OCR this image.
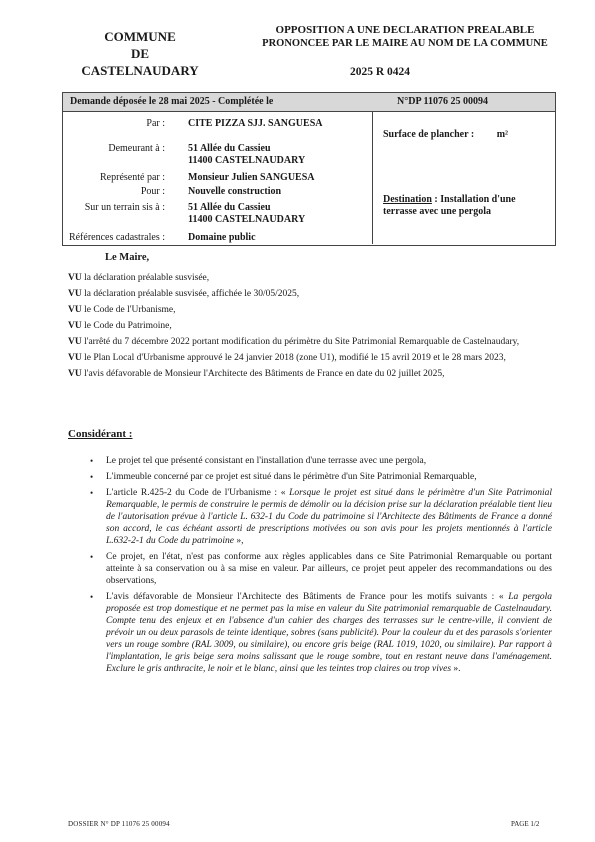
COMMUNE
DE
CASTELNAUDARY
OPPOSITION A UNE DECLARATION PREALABLE
PRONONCEE PAR LE MAIRE AU NOM DE LA COMMUNE
2025 R 0424
Demande déposée le 28 mai 2025 - Complétée le	N°DP 11076 25 00094
Par : CITE PIZZA SJJ. SANGUESA
Demeurant à : 51 Allée du Cassieu
11400 CASTELNAUDARY
Représenté par : Monsieur Julien SANGUESA
Pour : Nouvelle construction
Sur un terrain sis à : 51 Allée du Cassieu
11400 CASTELNAUDARY
Références cadastrales : Domaine public
Surface de plancher : m²
Destination : Installation d'une terrasse avec une pergola
Le Maire,

VU la déclaration préalable susvisée,

VU la déclaration préalable susvisée, affichée le 30/05/2025,

VU le Code de l'Urbanisme,

VU le Code du Patrimoine,

VU l'arrêté du 7 décembre 2022 portant modification du périmètre du Site Patrimonial Remarquable de Castelnaudary,

VU le Plan Local d'Urbanisme approuvé le 24 janvier 2018 (zone U1), modifié le 15 avril 2019 et le 28 mars 2023,

VU l'avis défavorable de Monsieur l'Architecte des Bâtiments de France en date du 02 juillet 2025,

Considérant :
• Le projet tel que présenté consistant en l'installation d'une terrasse avec une pergola,
• L'immeuble concerné par ce projet est situé dans le périmètre d'un Site Patrimonial Remarquable,
• L'article R.425-2 du Code de l'Urbanisme : « Lorsque le projet est situé dans le périmètre d'un Site Patrimonial Remarquable, le permis de construire le permis de démolir ou la décision prise sur la déclaration préalable tient lieu de l'autorisation prévue à l'article L. 632-1 du Code du patrimoine si l'Architecte des Bâtiments de France a donné son accord, le cas échéant assorti de prescriptions motivées ou son avis pour les projets mentionnés à l'article L.632-2-1 du Code du patrimoine »,
• Ce projet, en l'état, n'est pas conforme aux règles applicables dans ce Site Patrimonial Remarquable ou portant atteinte à sa conservation ou à sa mise en valeur. Par ailleurs, ce projet peut appeler des recommandations ou des observations,
• L'avis défavorable de Monsieur l'Architecte des Bâtiments de France pour les motifs suivants : « La pergola proposée est trop domestique et ne permet pas la mise en valeur du Site patrimonial remarquable de Castelnaudary. Compte tenu des enjeux et en l'absence d'un cahier des charges des terrasses sur le centre-ville, il convient de prévoir un ou deux parasols de teinte identique, sobres (sans publicité). Pour la couleur du et des parasols s'orienter vers un rouge sombre (RAL 3009, ou similaire), ou encore gris beige (RAL 1019, 1020, ou similaire). Par rapport à l'implantation, le gris beige sera moins salissant que le rouge sombre, tout en restant neuve dans l'aménagement. Exclure le gris anthracite, le noir et le blanc, ainsi que les teintes trop claires ou trop vives ».
DOSSIER N° DP 11076 25 00094	PAGE 1/2
